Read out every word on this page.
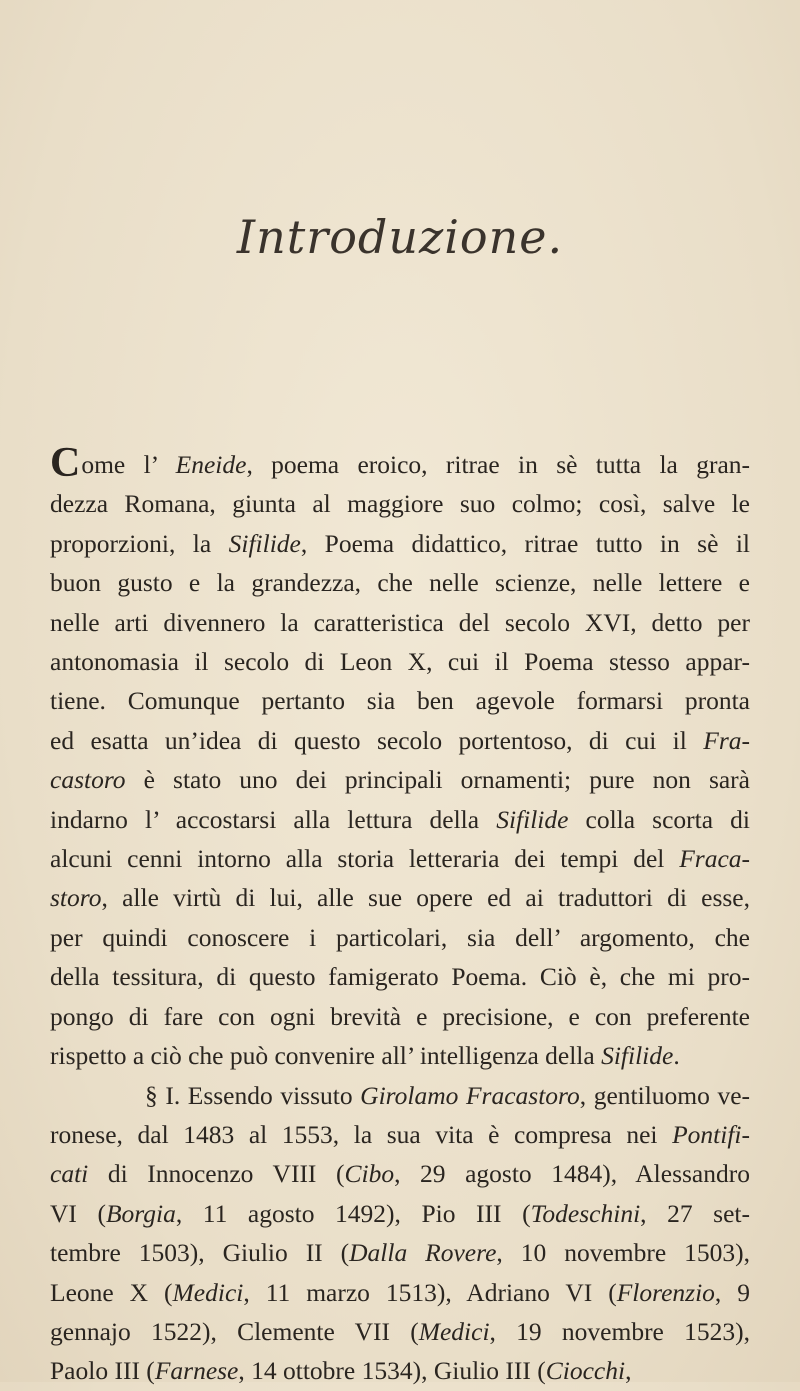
Introduzione.
Come l’ Eneide, poema eroico, ritrae in sè tutta la gran-
dezza Romana, giunta al maggiore suo colmo; così, salve le
proporzioni, la Sifilide, Poema didattico, ritrae tutto in sè il
buon gusto e la grandezza, che nelle scienze, nelle lettere e
nelle arti divennero la caratteristica del secolo XVI, detto per
antonomasia il secolo di Leon X, cui il Poema stesso appar-
tiene. Comunque pertanto sia ben agevole formarsi pronta
ed esatta un’idea di questo secolo portentoso, di cui il Fra-
castoro è stato uno dei principali ornamenti; pure non sarà
indarno l’ accostarsi alla lettura della Sifilide colla scorta di
alcuni cenni intorno alla storia letteraria dei tempi del Fraca-
storo, alle virtù di lui, alle sue opere ed ai traduttori di esse,
per quindi conoscere i particolari, sia dell’ argomento, che
della tessitura, di questo famigerato Poema. Ciò è, che mi pro-
pongo di fare con ogni brevità e precisione, e con preferente
rispetto a ciò che può convenire all’ intelligenza della Sifilide.
§ I. Essendo vissuto Girolamo Fracastoro, gentiluomo ve-
ronese, dal 1483 al 1553, la sua vita è compresa nei Pontifi-
cati di Innocenzo VIII (Cibo, 29 agosto 1484), Alessandro
VI (Borgia, 11 agosto 1492), Pio III (Todeschini, 27 set-
tembre 1503), Giulio II (Dalla Rovere, 10 novembre 1503),
Leone X (Medici, 11 marzo 1513), Adriano VI (Florenzio, 9
gennajo 1522), Clemente VII (Medici, 19 novembre 1523),
Paolo III (Farnese, 14 ottobre 1534), Giulio III (Ciocchi,
